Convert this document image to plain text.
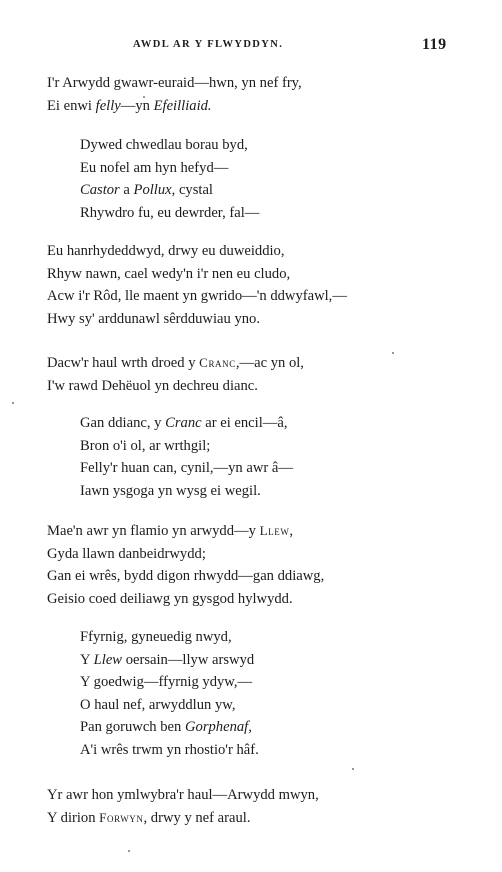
AWDL AR Y FLWYDDYN.	119
I'r Arwydd gwawr-euraid—hwn, yn nef fry,
Ei enwi felly—yn Efeilliaid.
Dywed chwedlau borau byd,
Eu nofel am hyn hefyd—
Castor a Pollux, cystal
Rhywdro fu, eu dewrder, fal—
Eu hanrhydeddwyd, drwy eu duweiddio,
Rhyw nawn, cael wedy'n i'r nen eu cludo,
Acw i'r Rôd, lle maent yn gwrido—'n ddwyfawl,—
Hwy sy' arddunawl sêrdduwiau yno.
Dacw'r haul wrth droed y Cranc,—ac yn ol,
I'w rawd Dehëuol yn dechreu dianc.
Gan ddianc, y Cranc ar ei encil—â,
Bron o'i ol, ar wrthgil;
Felly'r huan can, cynil,—yn awr â—
Iawn ysgoga yn wysg ei wegil.
Mae'n awr yn flamio yn arwydd—y Llew,
Gyda llawn danbeidrwydd;
Gan ei wrês, bydd digon rhwydd—gan ddiawg,
Geisio coed deiliawg yn gysgod hylwydd.
Ffyrnig, gyneuedig nwyd,
Y Llew oersain—llyw arswyd
Y goedwig—ffyrnig ydyw,—
O haul nef, arwyddlun yw,
Pan goruwch ben Gorphenaf,
A'i wrês trwm yn rhostio'r hâf.
Yr awr hon ymlwybra'r haul—Arwydd mwyn,
Y dirion Forwyn, drwy y nef araul.
